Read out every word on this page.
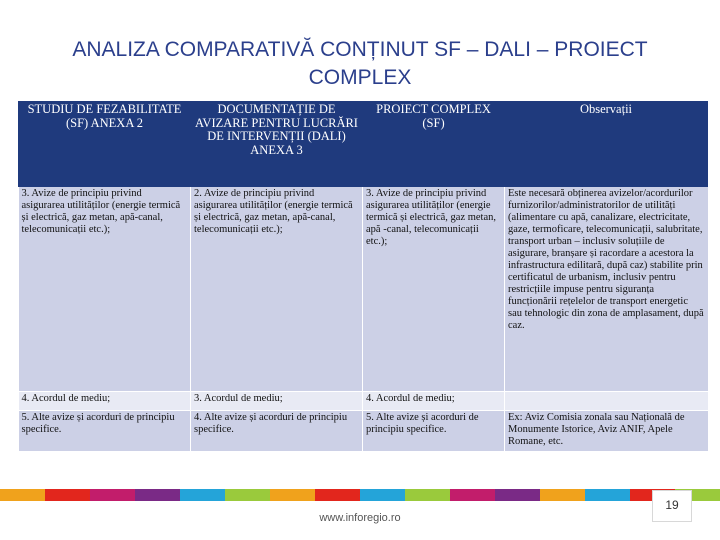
ANALIZA COMPARATIVĂ CONȚINUT SF – DALI – PROIECT COMPLEX
STUDIU DE FEZABILITATE (SF) ANEXA 2	DOCUMENTAȚIE DE AVIZARE PENTRU LUCRĂRI DE INTERVENȚII (DALI) ANEXA 3	PROIECT COMPLEX (SF)	Observații
3. Avize de principiu privind asigurarea utilităților (energie termică și electrică, gaz metan, apă-canal, telecomunicații etc.);	2. Avize de principiu privind asigurarea utilităților (energie termică și electrică, gaz metan, apă-canal, telecomunicații etc.);	3. Avize de principiu privind asigurarea utilităților (energie termică și electrică, gaz metan, apă -canal, telecomunicații etc.);	Este necesară obținerea avizelor/acordurilor furnizorilor/administratorilor de utilități (alimentare cu apă, canalizare, electricitate, gaze, termoficare, telecomunicații, salubritate, transport urban – inclusiv soluțiile de asigurare, branșare și racordare a acestora la infrastructura edilitară, după caz) stabilite prin certificatul de urbanism, inclusiv pentru restricțiile impuse pentru siguranța funcționării rețelelor de transport energetic sau tehnologic din zona de amplasament, după caz.
4. Acordul de mediu;	3. Acordul de mediu;	4. Acordul de mediu;	
5. Alte avize și acorduri de principiu specifice.	4. Alte avize și acorduri de principiu specifice.	5. Alte avize și acorduri de principiu specifice.	Ex: Aviz Comisia zonala sau Națională de Monumente Istorice, Aviz ANIF, Apele Romane, etc.
www.inforegio.ro
19
